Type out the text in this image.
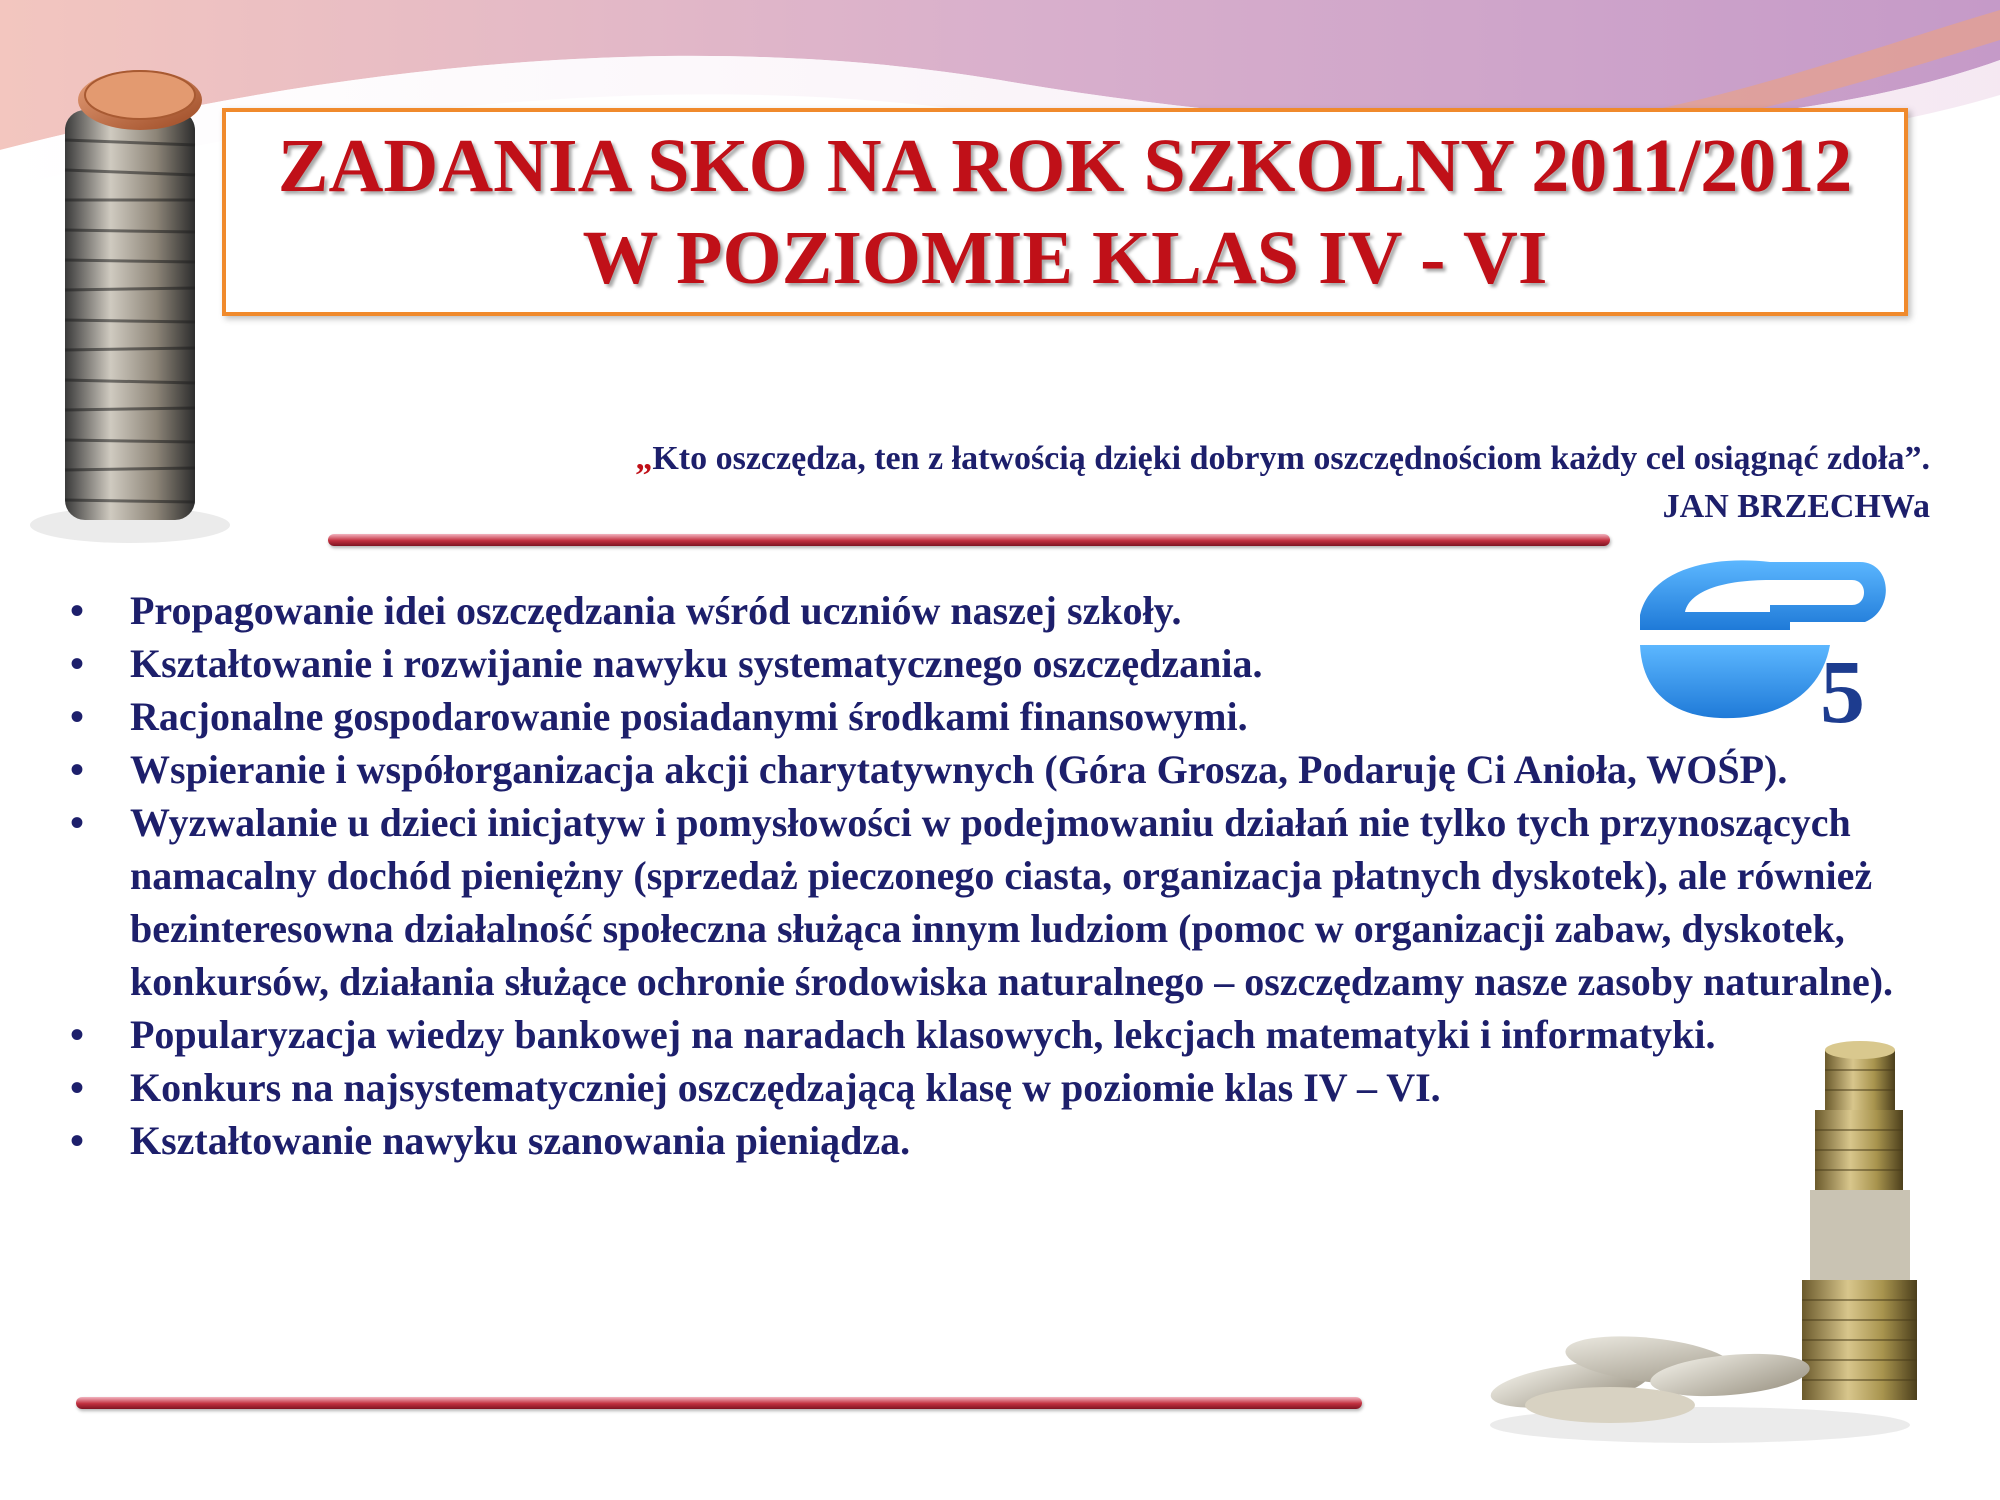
ZADANIA SKO NA ROK SZKOLNY 2011/2012
W POZIOMIE KLAS IV - VI
„Kto oszczędza, ten z łatwością dzięki dobrym oszczędnościom każdy cel osiągnąć zdoła”.
JAN BRZECHWa
5
•	Propagowanie idei oszczędzania wśród uczniów naszej szkoły.
•	Kształtowanie i rozwijanie nawyku systematycznego oszczędzania.
•	Racjonalne gospodarowanie posiadanymi środkami finansowymi.
•	Wspieranie i współorganizacja akcji charytatywnych (Góra Grosza, Podaruję Ci Anioła, WOŚP).
•	Wyzwalanie u dzieci inicjatyw i pomysłowości w podejmowaniu działań nie tylko tych przynoszących namacalny dochód pieniężny (sprzedaż pieczonego ciasta, organizacja płatnych dyskotek), ale również bezinteresowna działalność społeczna służąca innym ludziom (pomoc w organizacji zabaw, dyskotek, konkursów, działania służące ochronie środowiska naturalnego – oszczędzamy nasze zasoby naturalne).
•	Popularyzacja wiedzy bankowej na naradach klasowych, lekcjach matematyki i informatyki.
•	Konkurs na najsystematyczniej oszczędzającą klasę w poziomie klas IV – VI.
•	Kształtowanie nawyku szanowania pieniądza.
